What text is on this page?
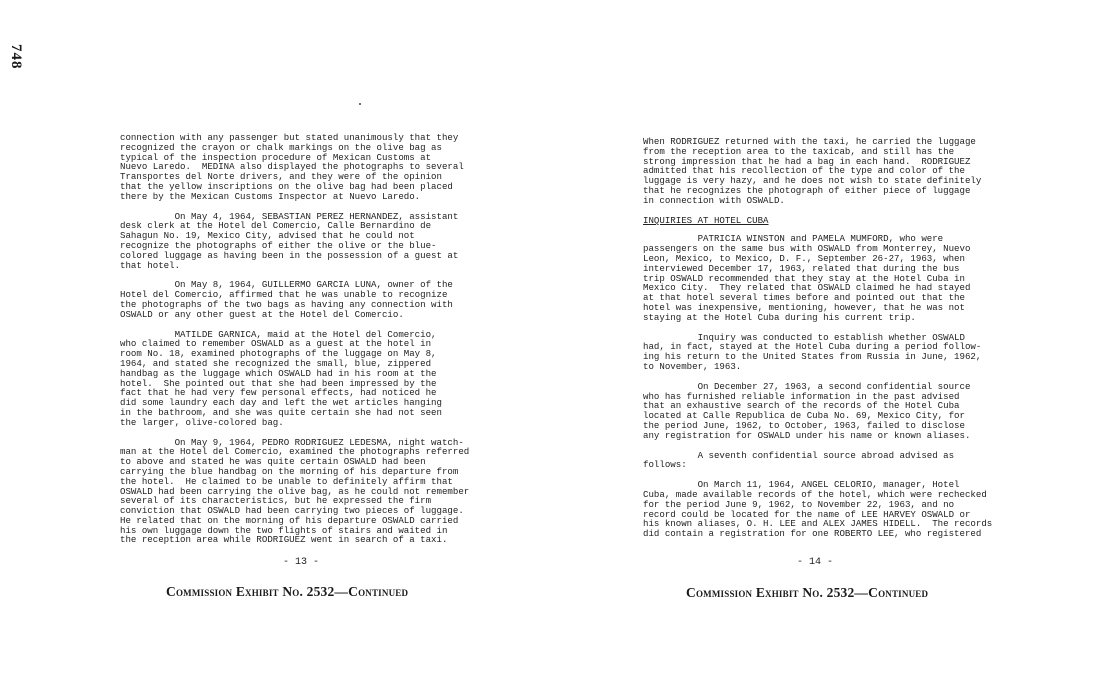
748

connection with any passenger but stated unanimously that they
recognized the crayon or chalk markings on the olive bag as
typical of the inspection procedure of Mexican Customs at
Nuevo Laredo.  MEDINA also displayed the photographs to several
Transportes del Norte drivers, and they were of the opinion
that the yellow inscriptions on the olive bag had been placed
there by the Mexican Customs Inspector at Nuevo Laredo.

On May 4, 1964, SEBASTIAN PEREZ HERNANDEZ, assistant
desk clerk at the Hotel del Comercio, Calle Bernardino de
Sahagun No. 19, Mexico City, advised that he could not
recognize the photographs of either the olive or the blue-
colored luggage as having been in the possession of a guest at
that hotel.

On May 8, 1964, GUILLERMO GARCIA LUNA, owner of the
Hotel del Comercio, affirmed that he was unable to recognize
the photographs of the two bags as having any connection with
OSWALD or any other guest at the Hotel del Comercio.

MATILDE GARNICA, maid at the Hotel del Comercio,
who claimed to remember OSWALD as a guest at the hotel in
room No. 18, examined photographs of the luggage on May 8,
1964, and stated she recognized the small, blue, zippered
handbag as the luggage which OSWALD had in his room at the
hotel.  She pointed out that she had been impressed by the
fact that he had very few personal effects, had noticed he
did some laundry each day and left the wet articles hanging
in the bathroom, and she was quite certain she had not seen
the larger, olive-colored bag.

On May 9, 1964, PEDRO RODRIGUEZ LEDESMA, night watch-
man at the Hotel del Comercio, examined the photographs referred
to above and stated he was quite certain OSWALD had been
carrying the blue handbag on the morning of his departure from
the hotel.  He claimed to be unable to definitely affirm that
OSWALD had been carrying the olive bag, as he could not remember
several of its characteristics, but he expressed the firm
conviction that OSWALD had been carrying two pieces of luggage.
He related that on the morning of his departure OSWALD carried
his own luggage down the two flights of stairs and waited in
the reception area while RODRIGUEZ went in search of a taxi.

- 13 -
Commission Exhibit No. 2532—Continued

When RODRIGUEZ returned with the taxi, he carried the luggage
from the reception area to the taxicab, and still has the
strong impression that he had a bag in each hand.  RODRIGUEZ
admitted that his recollection of the type and color of the
luggage is very hazy, and he does not wish to state definitely
that he recognizes the photograph of either piece of luggage
in connection with OSWALD.

INQUIRIES AT HOTEL CUBA

PATRICIA WINSTON and PAMELA MUMFORD, who were
passengers on the same bus with OSWALD from Monterrey, Nuevo
Leon, Mexico, to Mexico, D. F., September 26-27, 1963, when
interviewed December 17, 1963, related that during the bus
trip OSWALD recommended that they stay at the Hotel Cuba in
Mexico City.  They related that OSWALD claimed he had stayed
at that hotel several times before and pointed out that the
hotel was inexpensive, mentioning, however, that he was not
staying at the Hotel Cuba during his current trip.

Inquiry was conducted to establish whether OSWALD
had, in fact, stayed at the Hotel Cuba during a period follow-
ing his return to the United States from Russia in June, 1962,
to November, 1963.

On December 27, 1963, a second confidential source
who has furnished reliable information in the past advised
that an exhaustive search of the records of the Hotel Cuba
located at Calle Republica de Cuba No. 69, Mexico City, for
the period June, 1962, to October, 1963, failed to disclose
any registration for OSWALD under his name or known aliases.

A seventh confidential source abroad advised as
follows:

On March 11, 1964, ANGEL CELORIO, manager, Hotel
Cuba, made available records of the hotel, which were rechecked
for the period June 9, 1962, to November 22, 1963, and no
record could be located for the name of LEE HARVEY OSWALD or
his known aliases, O. H. LEE and ALEX JAMES HIDELL.  The records
did contain a registration for one ROBERTO LEE, who registered

- 14 -
Commission Exhibit No. 2532—Continued
